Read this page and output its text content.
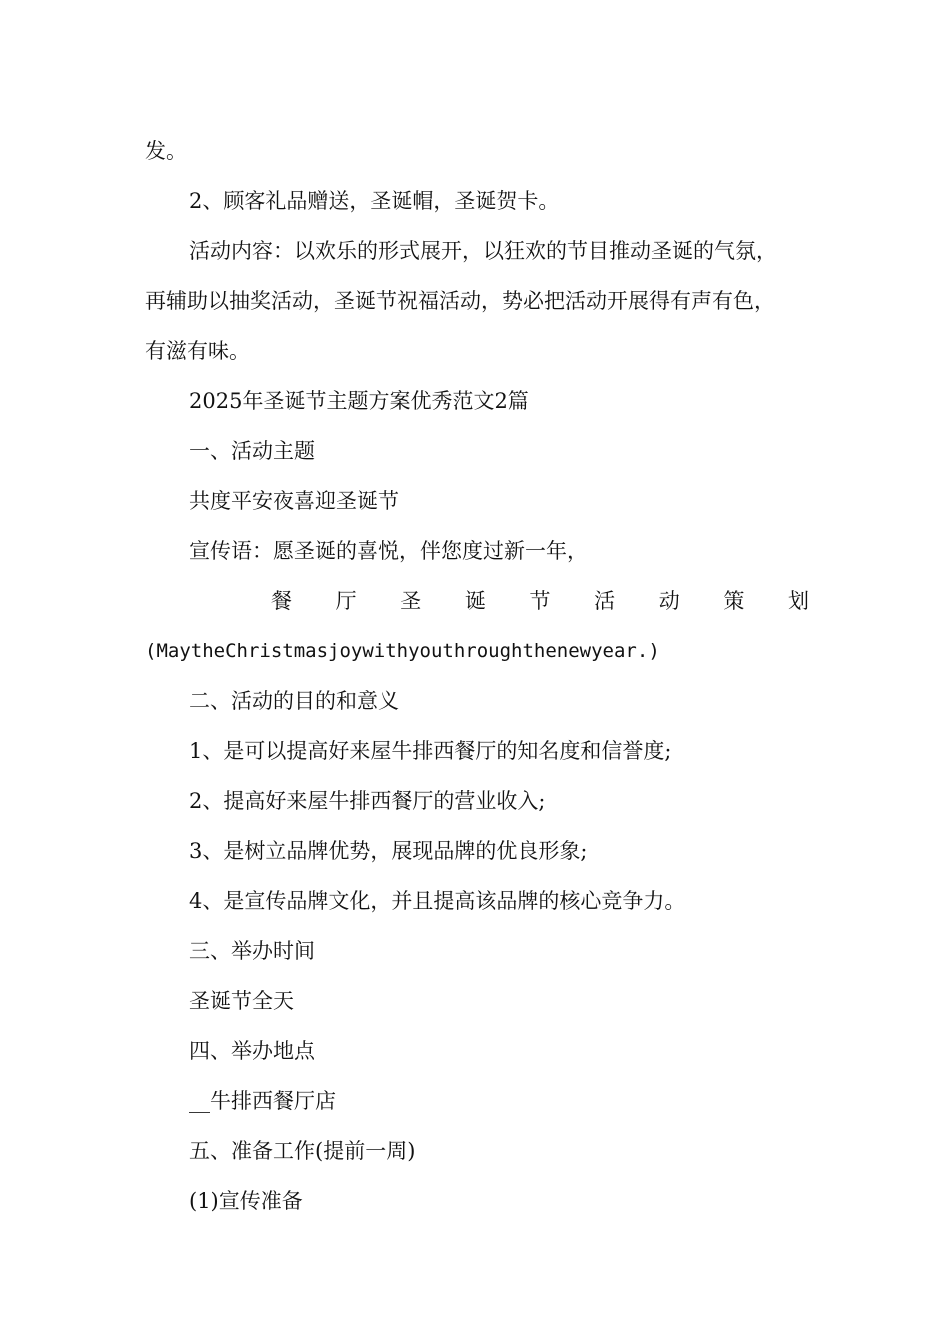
发。
2、顾客礼品赠送，圣诞帽，圣诞贺卡。
活动内容：以欢乐的形式展开，以狂欢的节目推动圣诞的气氛，
再辅助以抽奖活动，圣诞节祝福活动，势必把活动开展得有声有色，
有滋有味。
2025年圣诞节主题方案优秀范文2篇
一、活动主题
共度平安夜喜迎圣诞节
宣传语：愿圣诞的喜悦，伴您度过新一年，
餐 厅 圣 诞 节 活 动 策 划
(MaytheChristmasjoywithyouthroughthenewyear.)
二、活动的目的和意义
1、是可以提高好来屋牛排西餐厅的知名度和信誉度;
2、提高好来屋牛排西餐厅的营业收入;
3、是树立品牌优势，展现品牌的优良形象;
4、是宣传品牌文化，并且提高该品牌的核心竞争力。
三、举办时间
圣诞节全天
四、举办地点
__牛排西餐厅店
五、准备工作(提前一周)
(1)宣传准备
